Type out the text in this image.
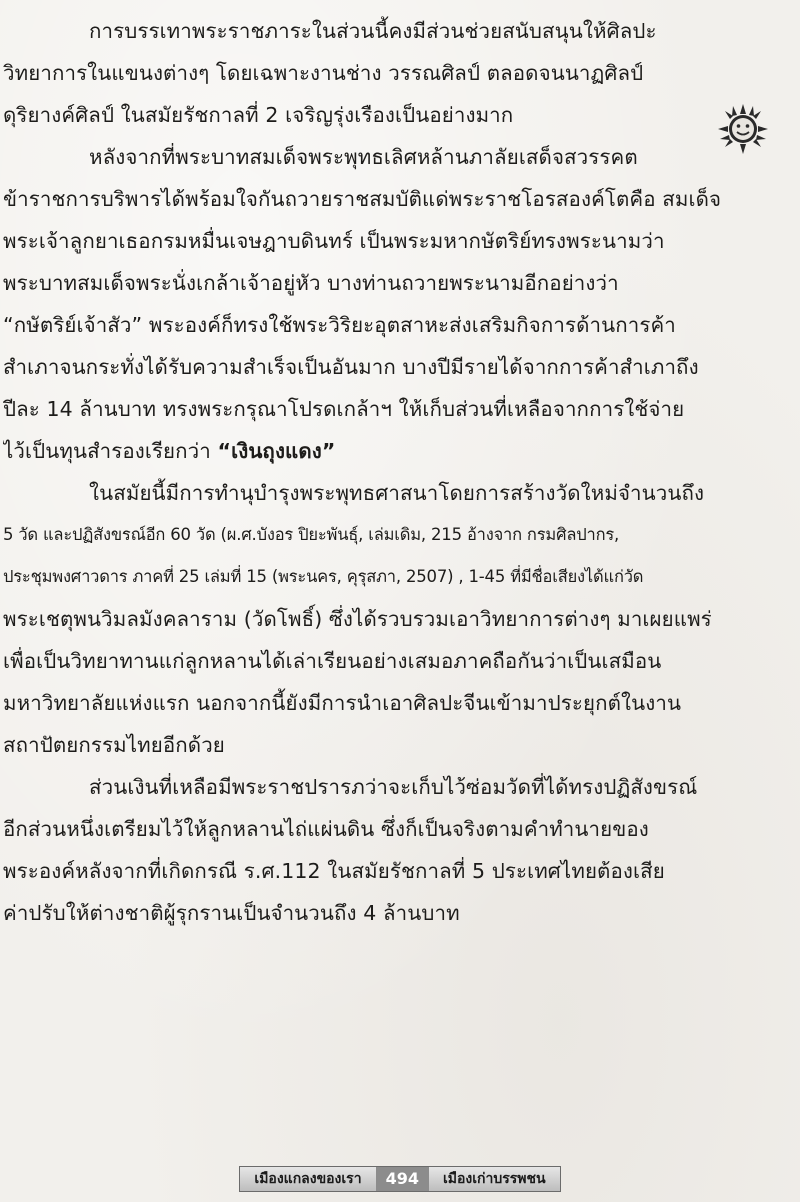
การบรรเทาพระราชภาระในส่วนนี้คงมีส่วนช่วยสนับสนุนให้ศิลปะ
วิทยาการในแขนงต่างๆ โดยเฉพาะงานช่าง วรรณศิลป์ ตลอดจนนาฏศิลป์
ดุริยางค์ศิลป์ ในสมัยรัชกาลที่ 2 เจริญรุ่งเรืองเป็นอย่างมาก
หลังจากที่พระบาทสมเด็จพระพุทธเลิศหล้านภาลัยเสด็จสวรรคต
ข้าราชการบริพารได้พร้อมใจกันถวายราชสมบัติแด่พระราชโอรสองค์โตคือ สมเด็จ
พระเจ้าลูกยาเธอกรมหมื่นเจษฎาบดินทร์ เป็นพระมหากษัตริย์ทรงพระนามว่า
พระบาทสมเด็จพระนั่งเกล้าเจ้าอยู่หัว บางท่านถวายพระนามอีกอย่างว่า
“กษัตริย์เจ้าสัว” พระองค์ก็ทรงใช้พระวิริยะอุตสาหะส่งเสริมกิจการด้านการค้า
สำเภาจนกระทั่งได้รับความสำเร็จเป็นอันมาก บางปีมีรายได้จากการค้าสำเภาถึง
ปีละ 14 ล้านบาท ทรงพระกรุณาโปรดเกล้าฯ ให้เก็บส่วนที่เหลือจากการใช้จ่าย
ไว้เป็นทุนสำรองเรียกว่า “เงินถุงแดง”
ในสมัยนี้มีการทำนุบำรุงพระพุทธศาสนาโดยการสร้างวัดใหม่จำนวนถึง
5 วัด และปฏิสังขรณ์อีก 60 วัด (ผ.ศ.บังอร ปิยะพันธุ์, เล่มเดิม, 215 อ้างจาก กรมศิลปากร,
ประชุมพงศาวดาร ภาคที่ 25 เล่มที่ 15 (พระนคร, คุรุสภา, 2507) , 1-45 ที่มีชื่อเสียงได้แก่วัด
พระเชตุพนวิมลมังคลาราม (วัดโพธิ์) ซึ่งได้รวบรวมเอาวิทยาการต่างๆ มาเผยแพร่
เพื่อเป็นวิทยาทานแก่ลูกหลานได้เล่าเรียนอย่างเสมอภาคถือกันว่าเป็นเสมือน
มหาวิทยาลัยแห่งแรก นอกจากนี้ยังมีการนำเอาศิลปะจีนเข้ามาประยุกต์ในงาน
สถาปัตยกรรมไทยอีกด้วย
ส่วนเงินที่เหลือมีพระราชปรารภว่าจะเก็บไว้ซ่อมวัดที่ได้ทรงปฏิสังขรณ์
อีกส่วนหนึ่งเตรียมไว้ให้ลูกหลานไถ่แผ่นดิน ซึ่งก็เป็นจริงตามคำทำนายของ
พระองค์หลังจากที่เกิดกรณี ร.ศ.112 ในสมัยรัชกาลที่ 5 ประเทศไทยต้องเสีย
ค่าปรับให้ต่างชาติผู้รุกรานเป็นจำนวนถึง 4 ล้านบาท
เมืองแกลงของเรา	494	เมืองเก่าบรรพชน
